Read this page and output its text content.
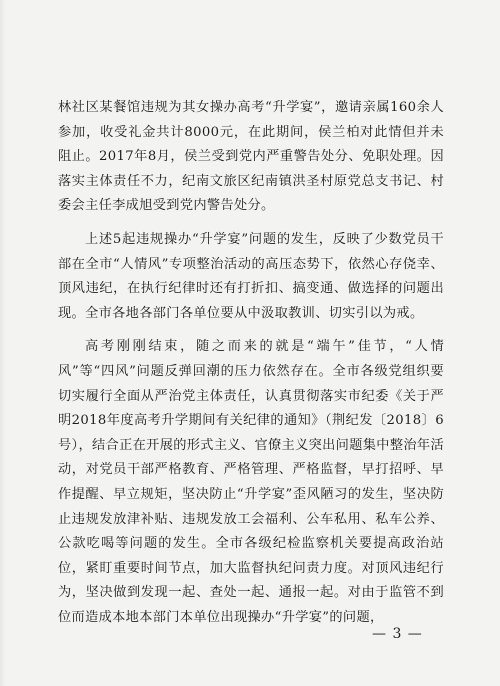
林社区某餐馆违规为其女操办高考“升学宴”，邀请亲属160余人参加，收受礼金共计8000元，在此期间，侯兰柏对此情但并未阻止。2017年8月，侯兰受到党内严重警告处分、免职处理。因落实主体责任不力，纪南文旅区纪南镇洪圣村原党总支书记、村委会主任李成旭受到党内警告处分。

上述5起违规操办“升学宴”问题的发生，反映了少数党员干部在全市“人情风”专项整治活动的高压态势下，依然心存侥幸、顶风违纪，在执行纪律时还有打折扣、搞变通、做选择的问题出现。全市各地各部门各单位要从中汲取教训、切实引以为戒。

高考刚刚结束，随之而来的就是“端午”佳节，“人情风”等“四风”问题反弹回潮的压力依然存在。全市各级党组织要切实履行全面从严治党主体责任，认真贯彻落实市纪委《关于严明2018年度高考升学期间有关纪律的通知》（荆纪发〔2018〕6号），结合正在开展的形式主义、官僚主义突出问题集中整治年活动，对党员干部严格教育、严格管理、严格监督，早打招呼、早作提醒、早立规矩，坚决防止“升学宴”歪风陋习的发生，坚决防止违规发放津补贴、违规发放工会福利、公车私用、私车公养、公款吃喝等问题的发生。全市各级纪检监察机关要提高政治站位，紧盯重要时间节点，加大监督执纪问责力度。对顶风违纪行为，坚决做到发现一起、查处一起、通报一起。对由于监管不到位而造成本地本部门本单位出现操办“升学宴”的问题，

— 3 —
